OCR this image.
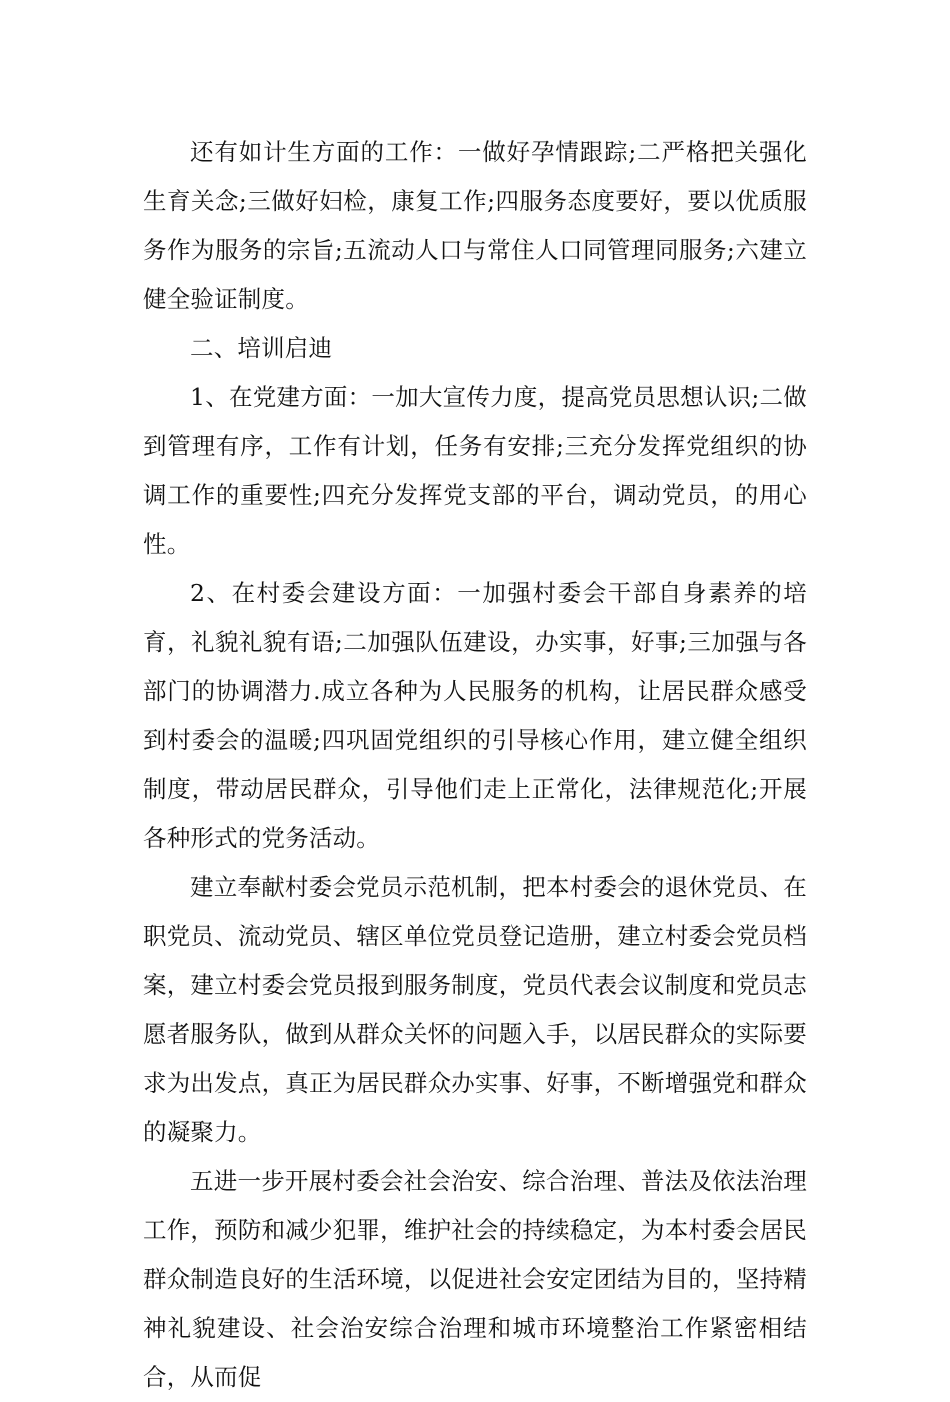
还有如计生方面的工作：一做好孕情跟踪;二严格把关强化生育关念;三做好妇检，康复工作;四服务态度要好，要以优质服务作为服务的宗旨;五流动人口与常住人口同管理同服务;六建立健全验证制度。

二、培训启迪

1、在党建方面：一加大宣传力度，提高党员思想认识;二做到管理有序，工作有计划，任务有安排;三充分发挥党组织的协调工作的重要性;四充分发挥党支部的平台，调动党员，的用心性。

2、在村委会建设方面：一加强村委会干部自身素养的培育，礼貌礼貌有语;二加强队伍建设，办实事，好事;三加强与各部门的协调潜力.成立各种为人民服务的机构，让居民群众感受到村委会的温暖;四巩固党组织的引导核心作用，建立健全组织制度，带动居民群众，引导他们走上正常化，法律规范化;开展各种形式的党务活动。

建立奉献村委会党员示范机制，把本村委会的退休党员、在职党员、流动党员、辖区单位党员登记造册，建立村委会党员档案，建立村委会党员报到服务制度，党员代表会议制度和党员志愿者服务队，做到从群众关怀的问题入手，以居民群众的实际要求为出发点，真正为居民群众办实事、好事，不断增强党和群众的凝聚力。

五进一步开展村委会社会治安、综合治理、普法及依法治理工作，预防和减少犯罪，维护社会的持续稳定，为本村委会居民群众制造良好的生活环境，以促进社会安定团结为目的，坚持精神礼貌建设、社会治安综合治理和城市环境整治工作紧密相结合，从而促
